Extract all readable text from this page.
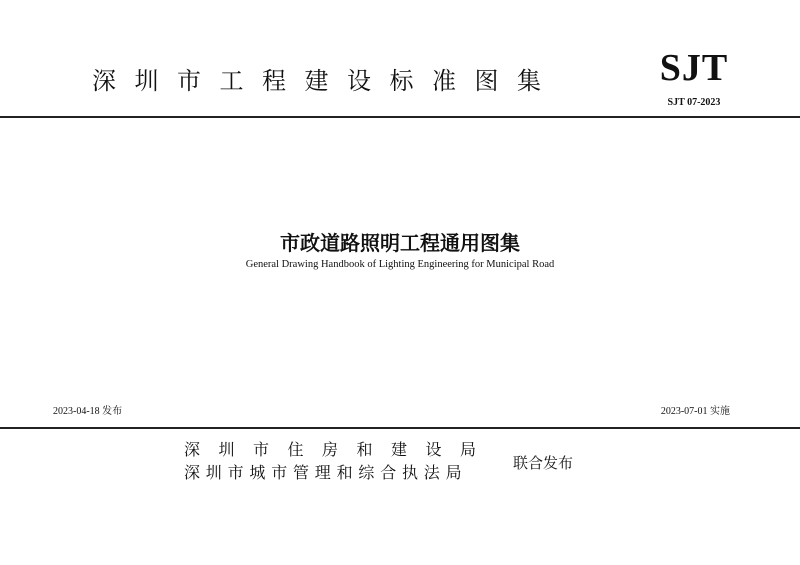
深圳市工程建设标准图集	SJT
SJT 07-2023
市政道路照明工程通用图集
General Drawing Handbook of Lighting Engineering for Municipal Road
2023-04-18 发布	2023-07-01 实施
深圳市住房和建设局
深圳市城市管理和综合执法局	联合发布
